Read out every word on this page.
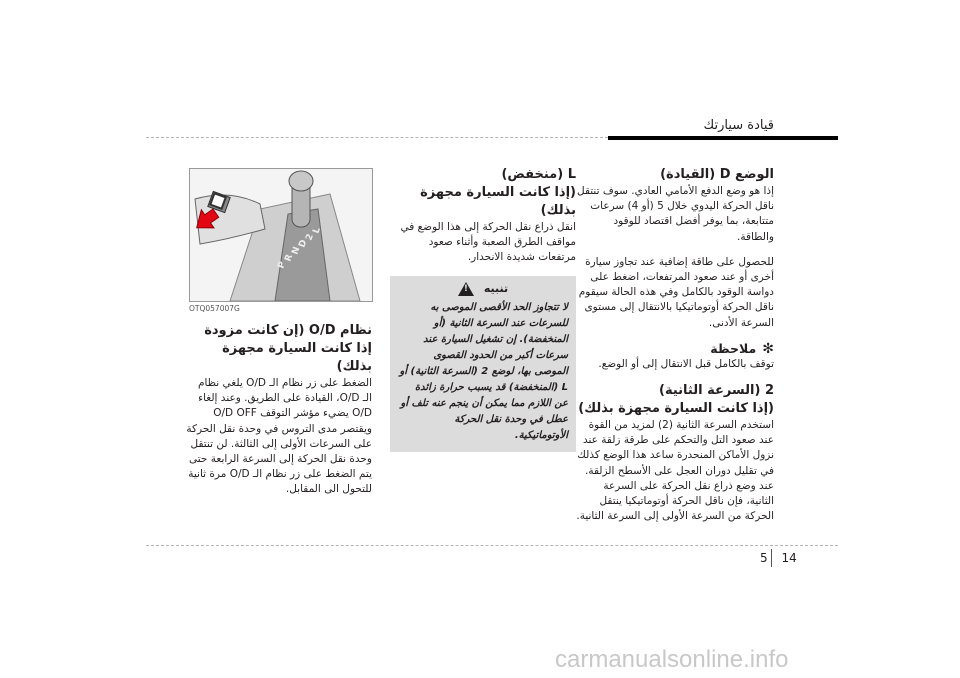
قيادة سيارتك

الوضع D (القيادة)

إذا هو وضع الدفع الأمامي العادي. سوف تنتقل ناقل الحركة اليدوي خلال 5 (أو 4) سرعات متتابعة، بما يوفر أفضل اقتصاد للوقود والطاقة.

للحصول على طاقة إضافية عند تجاوز سيارة أخرى أو عند صعود المرتفعات، اضغط على دواسة الوقود بالكامل وفي هذه الحالة سيقوم ناقل الحركة أوتوماتيكيا بالانتقال إلى مستوى السرعة الأدنى.

✻
ملاحظة

توقف بالكامل قبل الانتقال إلى أو الوضع.

2 (السرعة الثانية)

(إذا كانت السيارة مجهزة بذلك)

استخدم السرعة الثانية (2) لمزيد من القوة عند صعود التل والتحكم على طرقة زلقة عند نزول الأماكن المنحدرة ساعد هذا الوضع كذلك في تقليل دوران العجل على الأسطح الزلقة. عند وضع ذراع نقل الحركة على السرعة الثانية، فإن ناقل الحركة أوتوماتيكيا ينتقل الحركة من السرعة الأولى إلى السرعة الثانية.

L (منخفض)

(إذا كانت السيارة مجهزة بذلك)

انقل ذراع نقل الحركة إلى هذا الوضع في مواقف الطرق الصعبة وأثناء صعود مرتفعات شديدة الانحدار.

تنبيه
!

لا تتجاوز الحد الأقصى الموصى به للسرعات عند السرعة الثانية (أو المنخفضة). إن تشغيل السيارة عند سرعات أكبر من الحدود القصوى الموصى بها، لوضع 2 (السرعة الثانية) أو L (المنخفضة) قد يسبب حرارة زائدة عن اللازم مما يمكن أن ينجم عنه تلف أو عطل في وحدة نقل الحركة الأوتوماتيكية.

P
R
N
D
2
L
OTQ057007G

نظام O/D (إن كانت مزودة

إذا كانت السيارة مجهزة بذلك)

الضغط على زر نظام الـ O/D يلغي نظام الـ O/D، القيادة على الطريق. وعند إلغاء O/D يضيء مؤشر التوقف O/D OFF ويقتصر مدى التروس في وحدة نقل الحركة على السرعات الأولى إلى الثالثة. لن تنتقل وحدة نقل الحركة إلى السرعة الرابعة حتى يتم الضغط على زر نظام الـ O/D مرة ثانية للتحول الى المقابل.

5 14
carmanualsonline.info
